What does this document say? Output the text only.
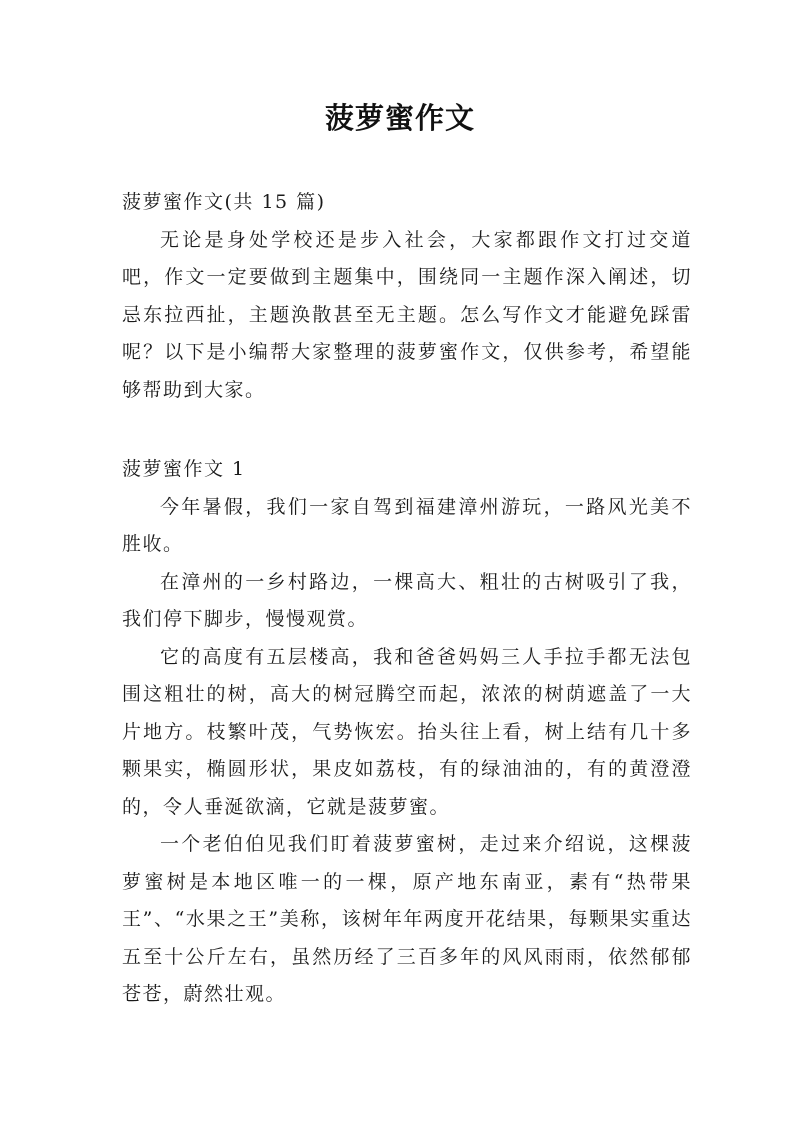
菠萝蜜作文

菠萝蜜作文(共 15 篇)

无论是身处学校还是步入社会，大家都跟作文打过交道吧，作文一定要做到主题集中，围绕同一主题作深入阐述，切忌东拉西扯，主题涣散甚至无主题。怎么写作文才能避免踩雷呢？以下是小编帮大家整理的菠萝蜜作文，仅供参考，希望能够帮助到大家。

菠萝蜜作文 1

今年暑假，我们一家自驾到福建漳州游玩，一路风光美不胜收。

在漳州的一乡村路边，一棵高大、粗壮的古树吸引了我，我们停下脚步，慢慢观赏。

它的高度有五层楼高，我和爸爸妈妈三人手拉手都无法包围这粗壮的树，高大的树冠腾空而起，浓浓的树荫遮盖了一大片地方。枝繁叶茂，气势恢宏。抬头往上看，树上结有几十多颗果实，椭圆形状，果皮如荔枝，有的绿油油的，有的黄澄澄的，令人垂涎欲滴，它就是菠萝蜜。

一个老伯伯见我们盯着菠萝蜜树，走过来介绍说，这棵菠萝蜜树是本地区唯一的一棵，原产地东南亚，素有“热带果王”、“水果之王”美称，该树年年两度开花结果，每颗果实重达五至十公斤左右，虽然历经了三百多年的风风雨雨，依然郁郁苍苍，蔚然壮观。
